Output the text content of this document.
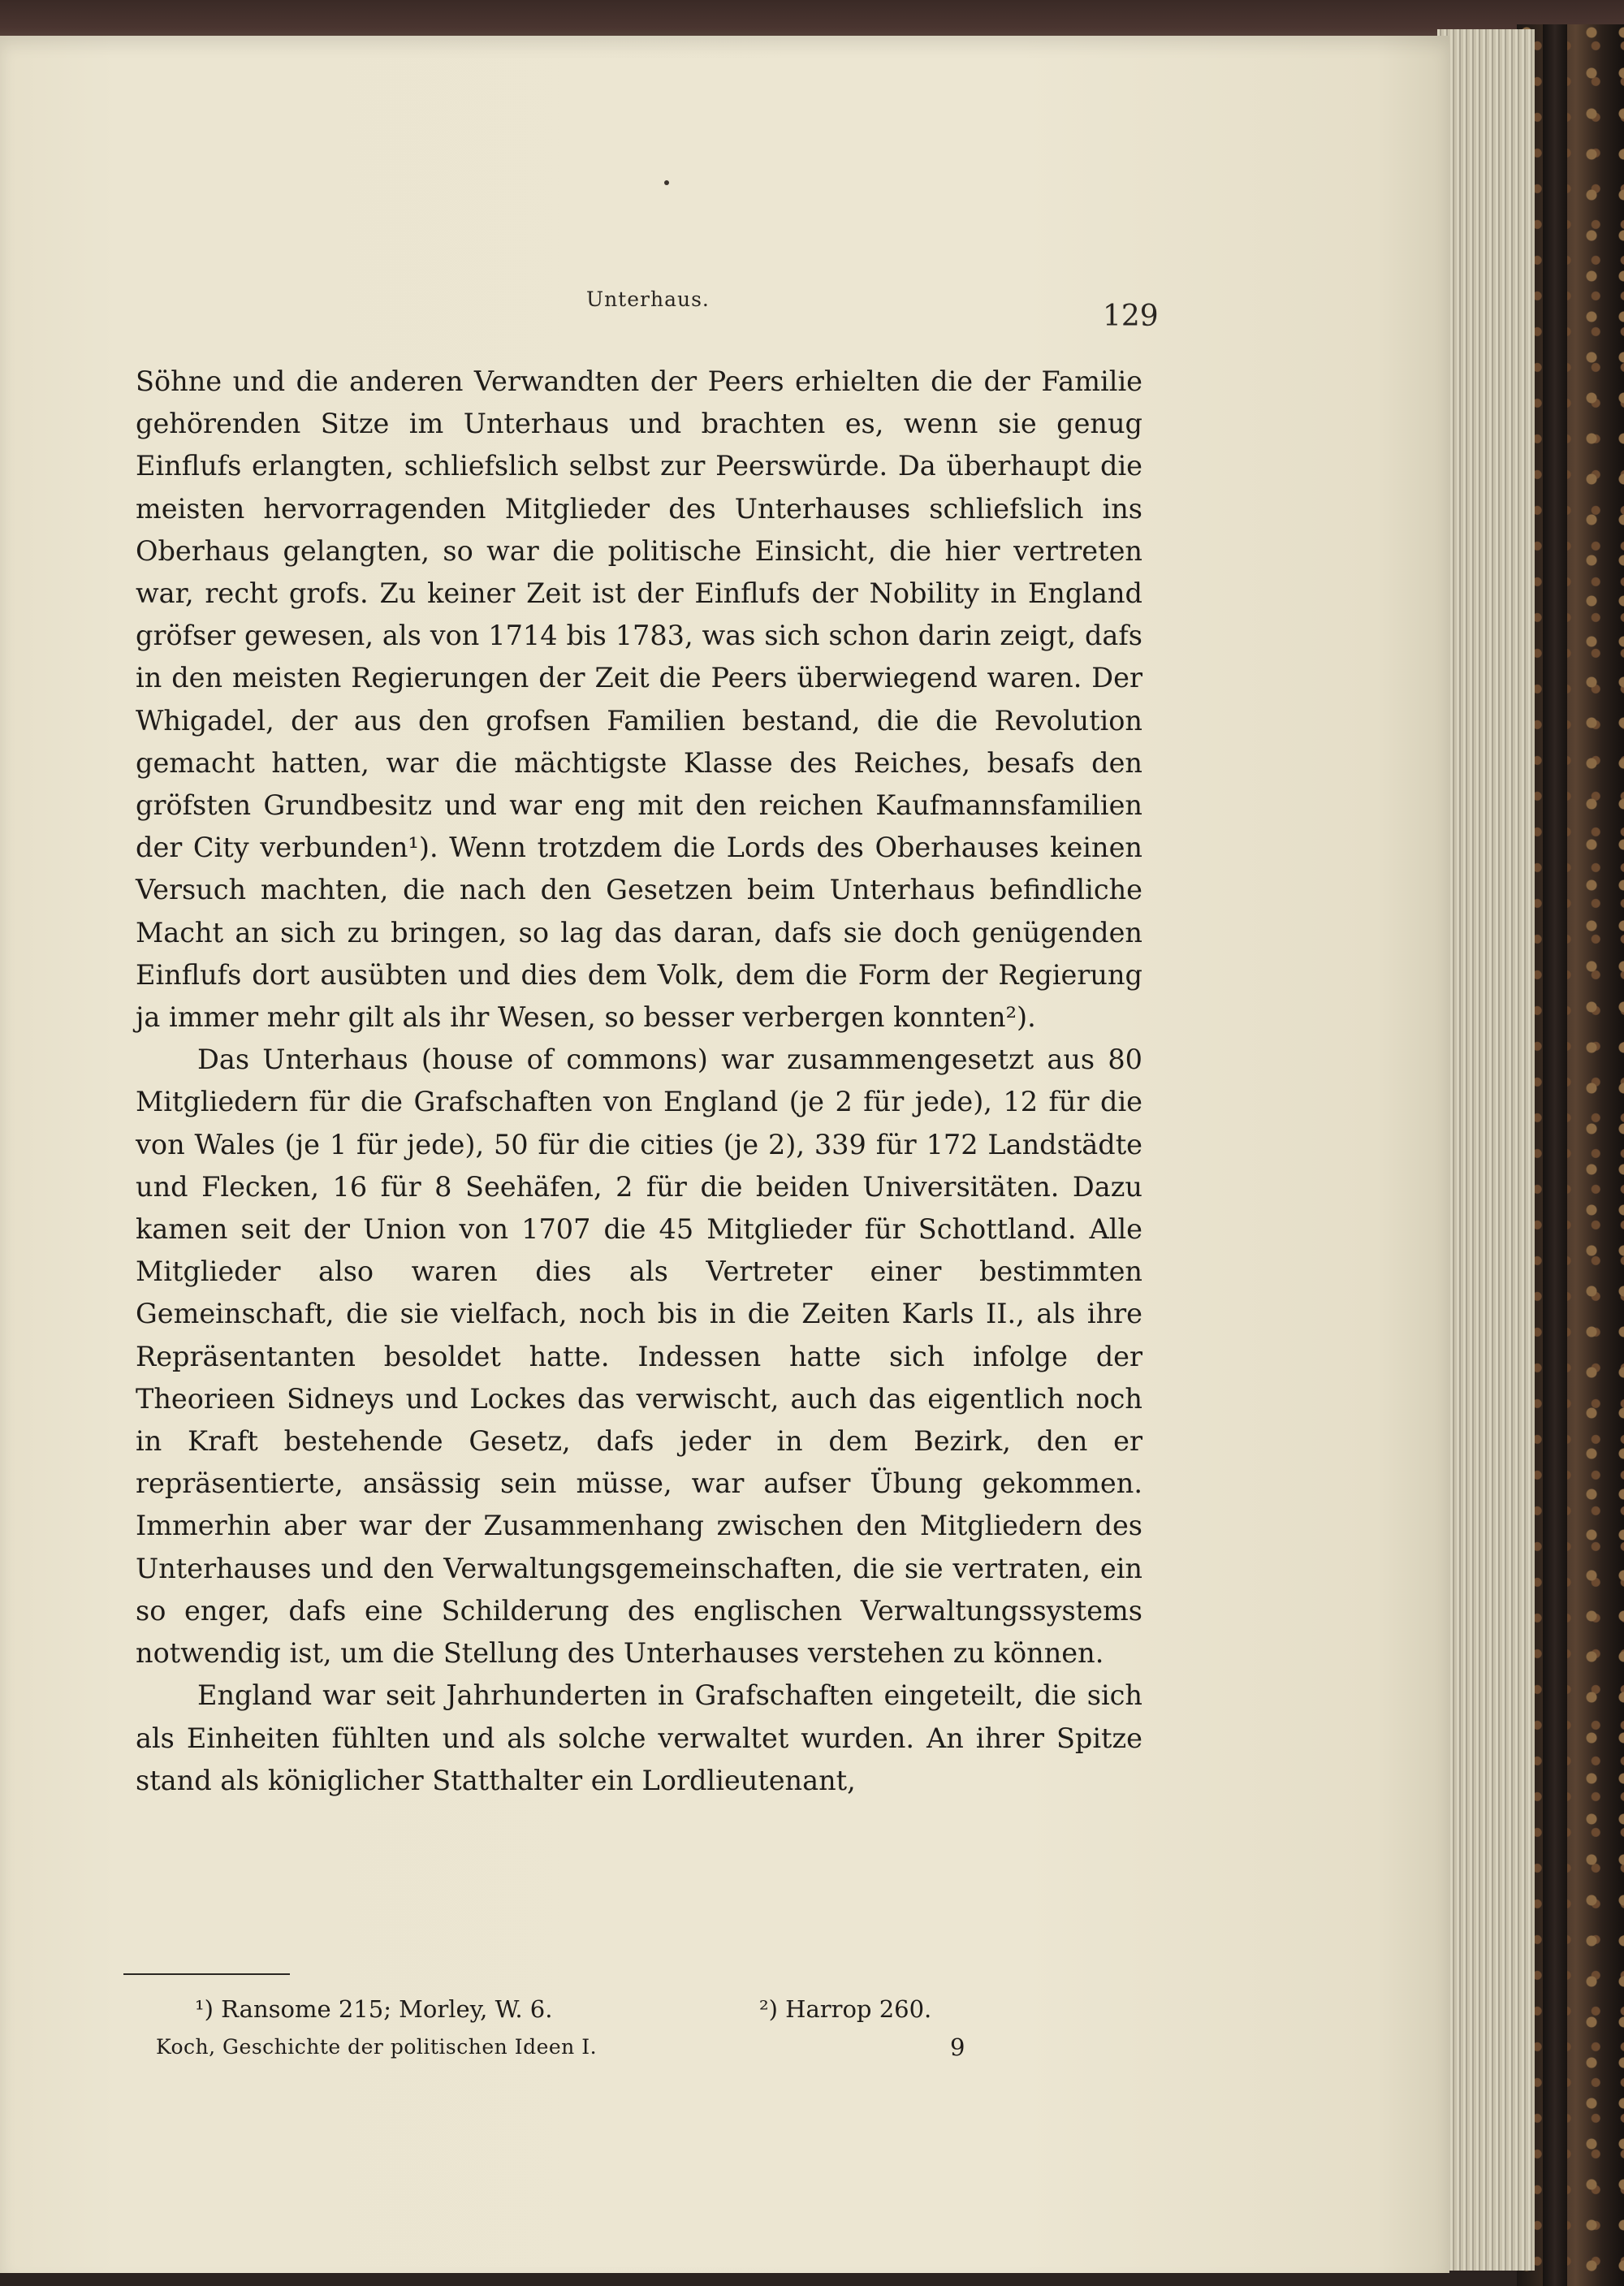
Unterhaus.
129

Söhne und die anderen Verwandten der Peers erhielten die der Familie gehörenden Sitze im Unterhaus und brachten es, wenn sie genug Einflufs erlangten, schliefslich selbst zur Peerswürde. Da überhaupt die meisten hervorragenden Mitglieder des Unterhauses schliefslich ins Oberhaus gelangten, so war die politische Einsicht, die hier vertreten war, recht grofs. Zu keiner Zeit ist der Einflufs der Nobility in England gröfser gewesen, als von 1714 bis 1783, was sich schon darin zeigt, dafs in den meisten Regierungen der Zeit die Peers überwiegend waren. Der Whigadel, der aus den grofsen Familien bestand, die die Revolution gemacht hatten, war die mächtigste Klasse des Reiches, besafs den gröfsten Grundbesitz und war eng mit den reichen Kaufmannsfamilien der City verbunden¹). Wenn trotzdem die Lords des Oberhauses keinen Versuch machten, die nach den Gesetzen beim Unterhaus befindliche Macht an sich zu bringen, so lag das daran, dafs sie doch genügenden Einflufs dort ausübten und dies dem Volk, dem die Form der Regierung ja immer mehr gilt als ihr Wesen, so besser verbergen konnten²).

Das Unterhaus (house of commons) war zusammengesetzt aus 80 Mitgliedern für die Grafschaften von England (je 2 für jede), 12 für die von Wales (je 1 für jede), 50 für die cities (je 2), 339 für 172 Landstädte und Flecken, 16 für 8 Seehäfen, 2 für die beiden Universitäten. Dazu kamen seit der Union von 1707 die 45 Mitglieder für Schottland. Alle Mitglieder also waren dies als Vertreter einer bestimmten Gemeinschaft, die sie vielfach, noch bis in die Zeiten Karls II., als ihre Repräsentanten besoldet hatte. Indessen hatte sich infolge der Theorieen Sidneys und Lockes das verwischt, auch das eigentlich noch in Kraft bestehende Gesetz, dafs jeder in dem Bezirk, den er repräsentierte, ansässig sein müsse, war aufser Übung gekommen. Immerhin aber war der Zusammenhang zwischen den Mitgliedern des Unterhauses und den Verwaltungsgemeinschaften, die sie vertraten, ein so enger, dafs eine Schilderung des englischen Verwaltungssystems notwendig ist, um die Stellung des Unterhauses verstehen zu können.

England war seit Jahrhunderten in Grafschaften eingeteilt, die sich als Einheiten fühlten und als solche verwaltet wurden. An ihrer Spitze stand als königlicher Statthalter ein Lordlieutenant,

¹) Ransome 215; Morley, W. 6.	²) Harrop 260.
Koch, Geschichte der politischen Ideen I.	9
